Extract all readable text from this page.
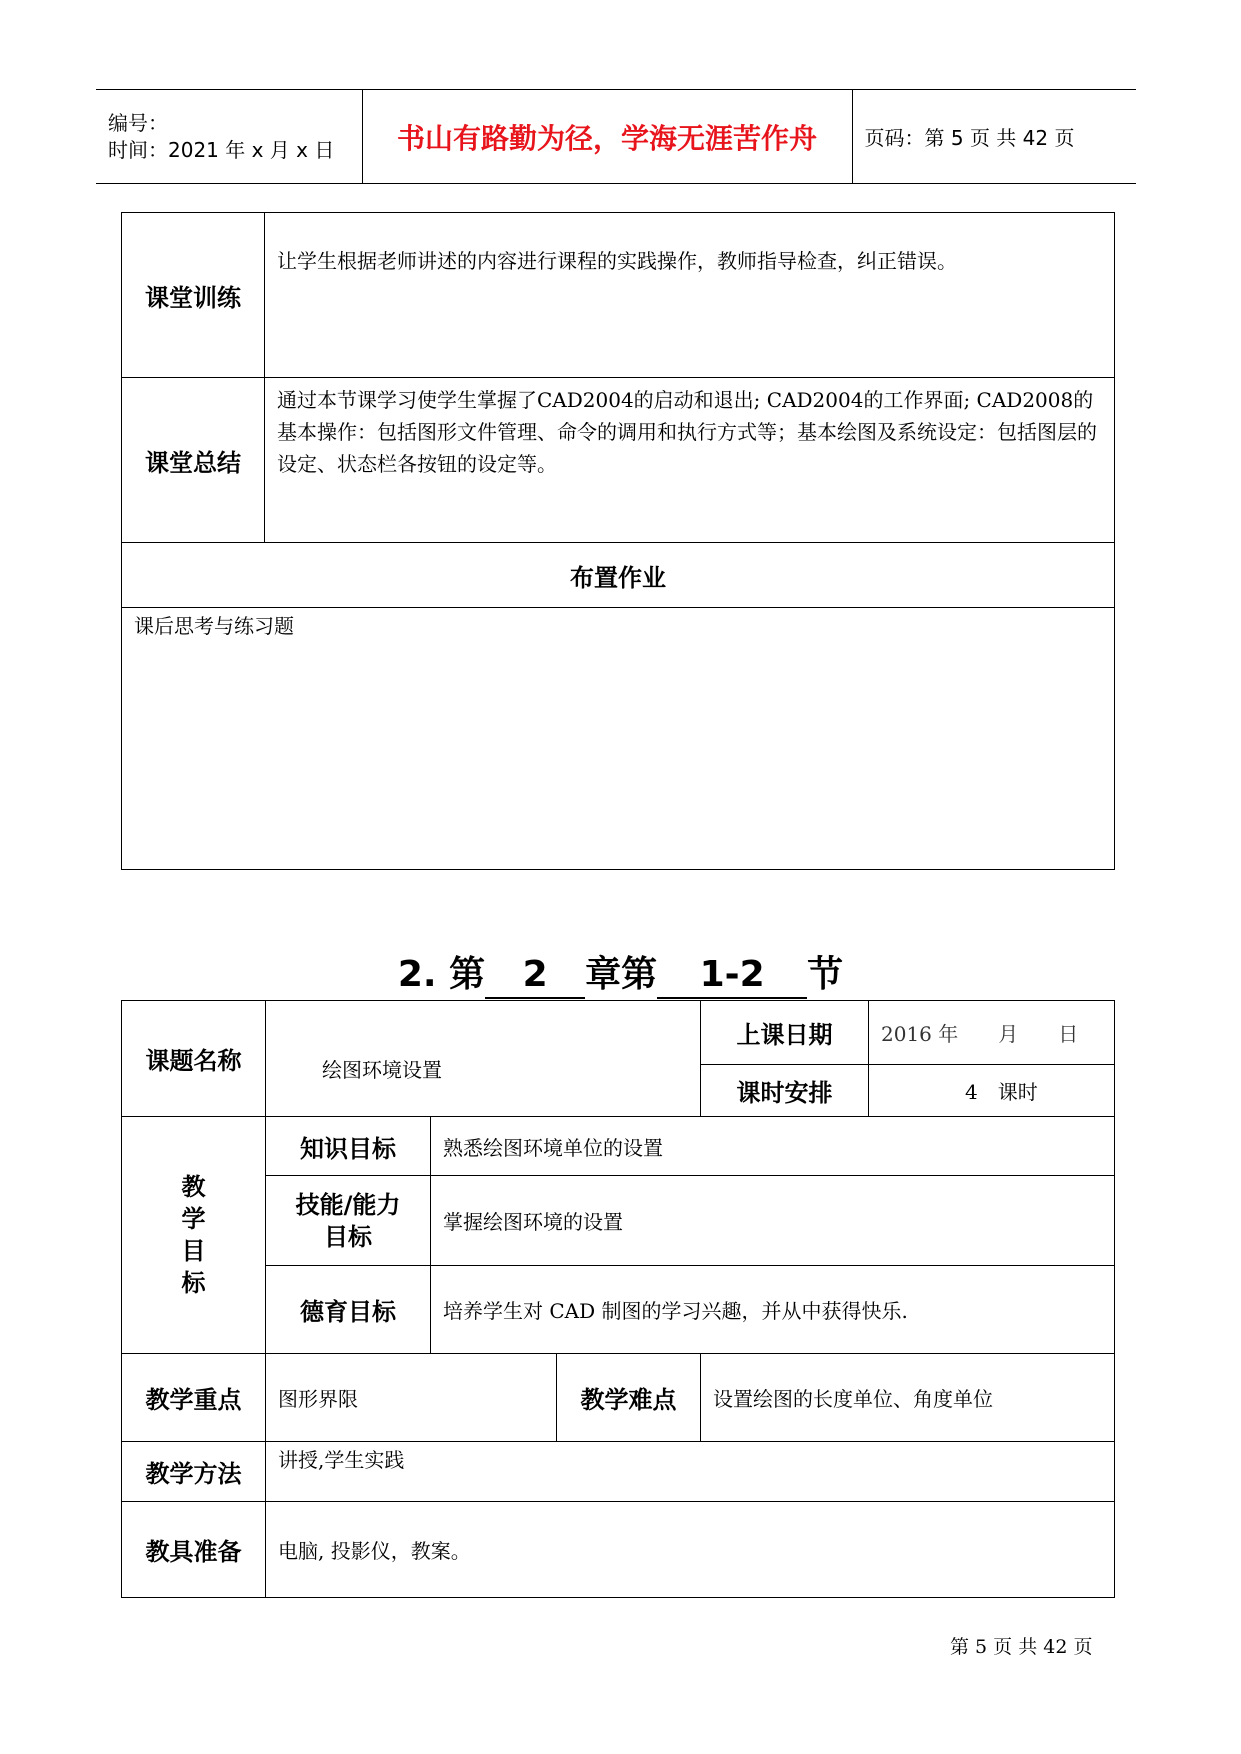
编号：
时间：2021 年 x 月 x 日	书山有路勤为径，学海无涯苦作舟	页码：第 5 页 共 42 页
课堂训练	让学生根据老师讲述的内容进行课程的实践操作，教师指导检查，纠正错误。
课堂总结	通过本节课学习使学生掌握了CAD2004的启动和退出; CAD2004的工作界面; CAD2008的基本操作：包括图形文件管理、命令的调用和执行方式等；基本绘图及系统设定：包括图层的设定、状态栏各按钮的设定等。
布置作业	
课后思考与练习题	
2. 第 2 章第 1-2 节
课题名称	绘图环境设置			上课日期	2016 年　　月　　日
				课时安排	4　课时

教
学
目
标	知识目标	熟悉绘图环境单位的设置			

	技能/能力
目标	掌握绘图环境的设置			
	德育目标	培养学生对 CAD 制图的学习兴趣，并从中获得快乐.			
教学重点	图形界限		教学难点	设置绘图的长度单位、角度单位	
教学方法	讲授,学生实践				
教具准备	电脑, 投影仪，教案。				
第 5 页 共 42 页
